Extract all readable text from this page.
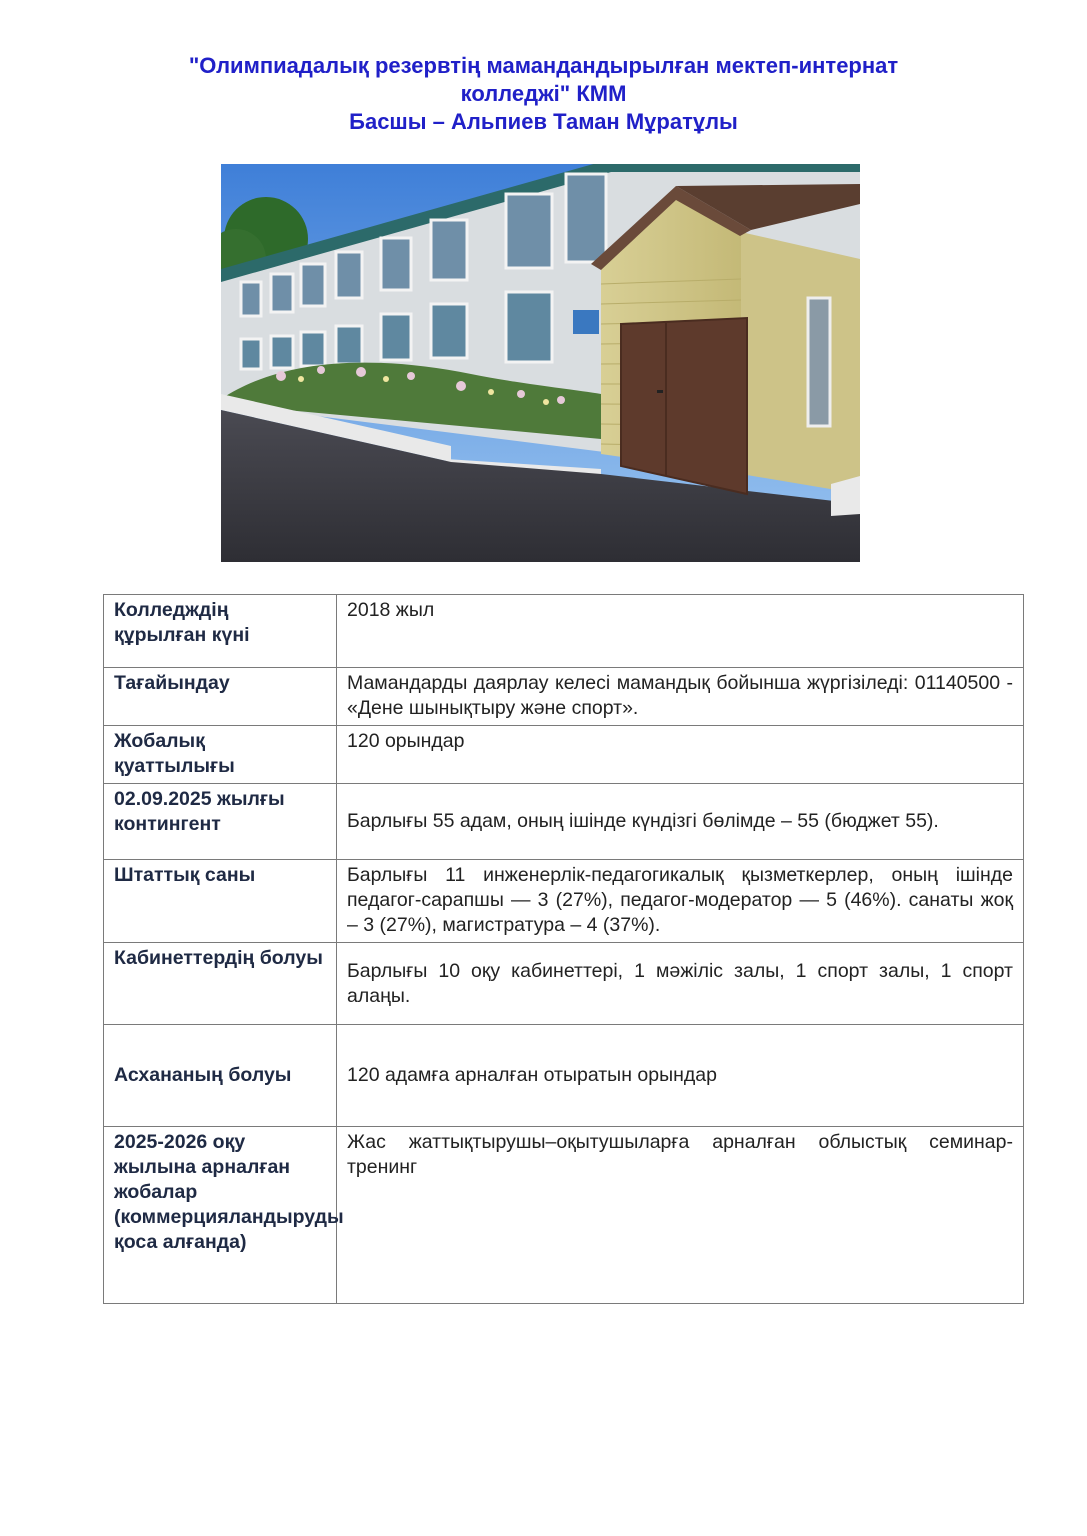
"Олимпиадалық резервтің мамандандырылған мектеп-интернат
колледжі" КММ
Басшы – Альпиев Таман Мұратұлы
Колледждің құрылған күні	2018 жыл
Тағайындау	Мамандарды даярлау келесі мамандық бойынша жүргізіледі: 01140500 - «Дене шынықтыру және спорт».
Жобалық қуаттылығы	120 орындар
02.09.2025 жылғы контингент	Барлығы 55 адам, оның ішінде күндізгі бөлімде – 55 (бюджет 55).
Штаттық саны	Барлығы 11 инженерлік-педагогикалық қызметкерлер, оның ішінде педагог-сарапшы — 3 (27%), педагог-модератор — 5 (46%). санаты жоқ – 3 (27%), магистратура – 4 (37%).
Кабинеттердің болуы	Барлығы 10 оқу кабинеттері, 1 мәжіліс залы, 1 спорт залы, 1 спорт алаңы.
Асхананың болуы	120 адамға арналған отыратын орындар
2025-2026 оқу жылына арналған жобалар (коммерцияландыруды қоса алғанда)	Жас жаттықтырушы–оқытушыларға арналған облыстық семинар-тренинг
